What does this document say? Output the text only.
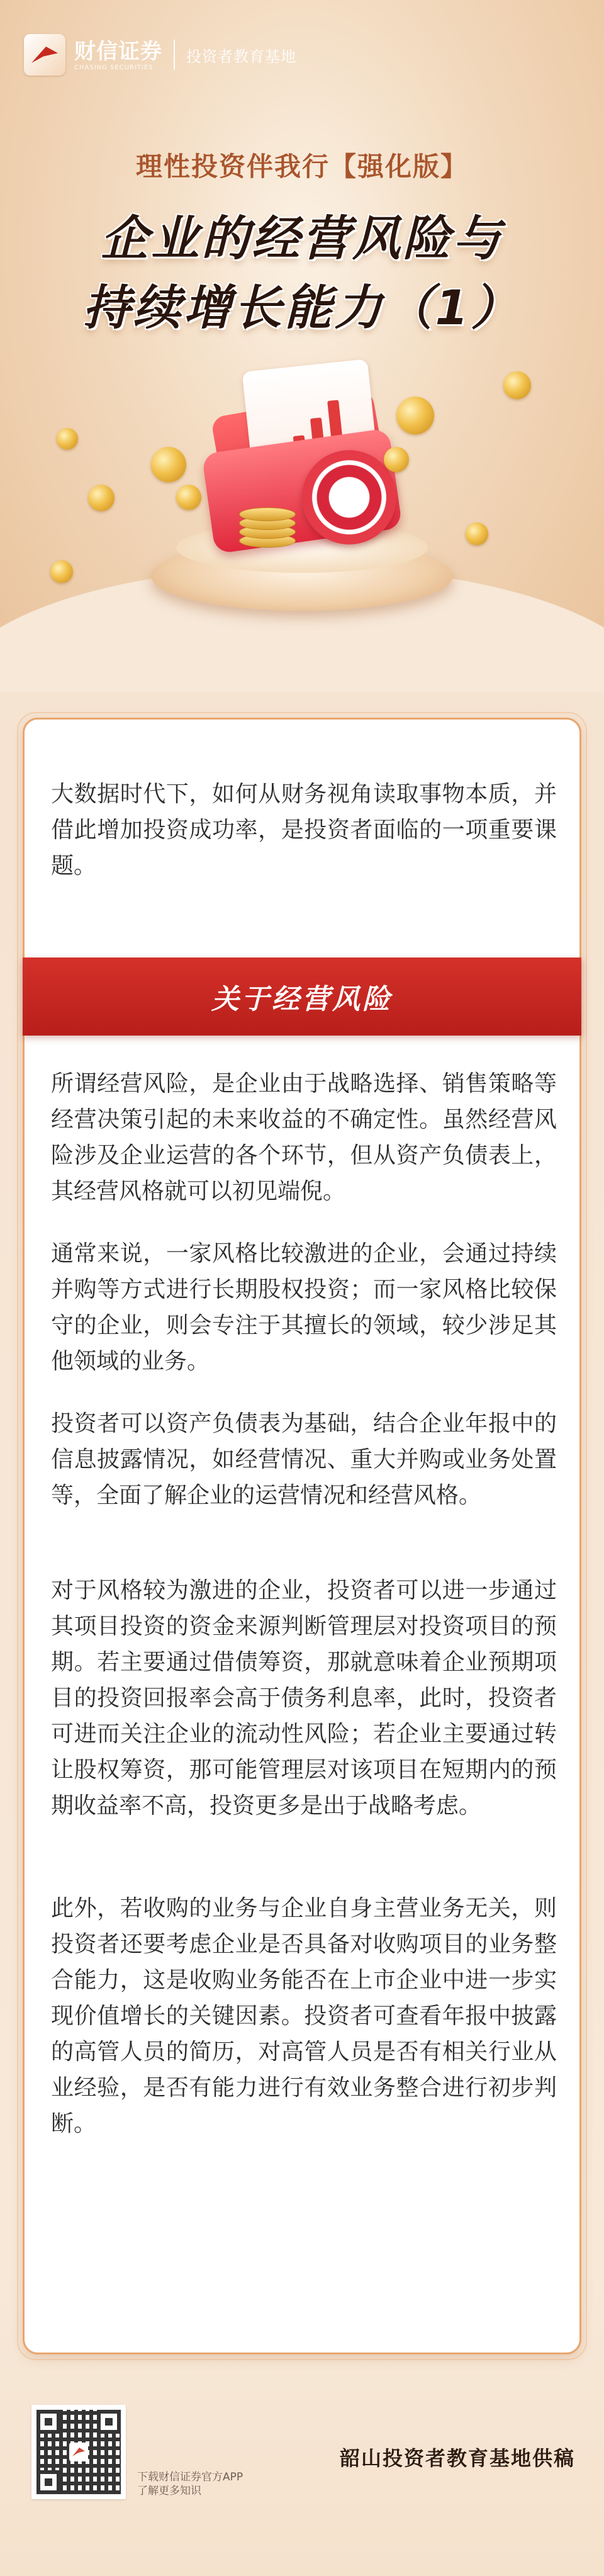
财信证券
CHASING SECURITIES
投资者教育基地
理性投资伴我行【强化版】
企业的经营风险与
持续增长能力（1）

大数据时代下，如何从财务视角读取事物本质，并借此增加投资成功率，是投资者面临的一项重要课题。

关于经营风险

所谓经营风险，是企业由于战略选择、销售策略等经营决策引起的未来收益的不确定性。虽然经营风险涉及企业运营的各个环节，但从资产负债表上，其经营风格就可以初见端倪。

通常来说，一家风格比较激进的企业，会通过持续并购等方式进行长期股权投资；而一家风格比较保守的企业，则会专注于其擅长的领域，较少涉足其他领域的业务。

投资者可以资产负债表为基础，结合企业年报中的信息披露情况，如经营情况、重大并购或业务处置等，全面了解企业的运营情况和经营风格。

对于风格较为激进的企业，投资者可以进一步通过其项目投资的资金来源判断管理层对投资项目的预期。若主要通过借债筹资，那就意味着企业预期项目的投资回报率会高于债务利息率，此时，投资者可进而关注企业的流动性风险；若企业主要通过转让股权筹资，那可能管理层对该项目在短期内的预期收益率不高，投资更多是出于战略考虑。

此外，若收购的业务与企业自身主营业务无关，则投资者还要考虑企业是否具备对收购项目的业务整合能力，这是收购业务能否在上市企业中进一步实现价值增长的关键因素。投资者可查看年报中披露的高管人员的简历，对高管人员是否有相关行业从业经验，是否有能力进行有效业务整合进行初步判断。

下载财信证券官方APP
了解更多知识
韶山投资者教育基地供稿
